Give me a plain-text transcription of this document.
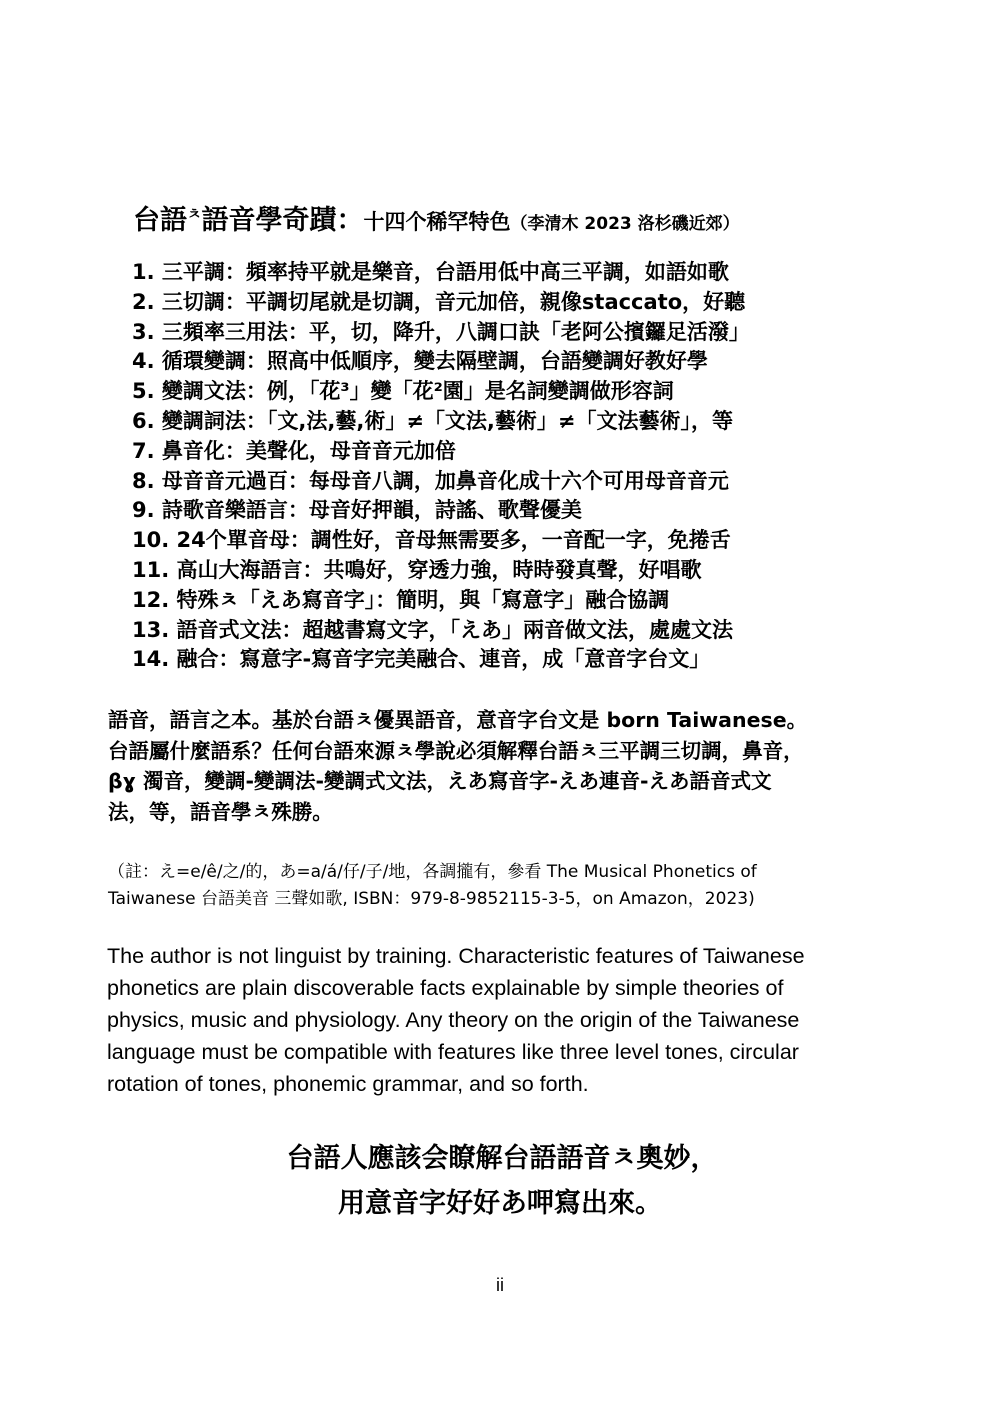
台語$^ㅊ$語音學奇蹟：十四个稀罕特色（李清木 2023 洛杉磯近郊）
1. 三平調：頻率持平就是樂音，台語用低中高三平調，如語如歌
2. 三切調：平調切尾就是切調，音元加倍，親像staccato，好聽
3. 三頻率三用法：平，切，降升，八調口訣「老阿公擯鑼足活潑」
4. 循環變調：照高中低順序，變去隔壁調，台語變調好教好學
5. 變調文法：例，「花³」變「花²園」是名詞變調做形容詞
6. 變調詞法：「文,法,藝,術」≠「文法,藝術」≠「文法藝術」，等
7. 鼻音化：美聲化，母音音元加倍
8. 母音音元過百：每母音八調，加鼻音化成十六个可用母音音元
9. 詩歌音樂語言：母音好押韻，詩謠、歌聲優美
10. 24个單音母：調性好，音母無需要多，一音配一字，免捲舌
11. 高山大海語言：共鳴好，穿透力強，時時發真聲，好唱歌
12. 特殊ㅊ「えあ寫音字」：簡明，與「寫意字」融合協調
13. 語音式文法：超越書寫文字，「えあ」兩音做文法，處處文法
14. 融合：寫意字-寫音字完美融合、連音，成「意音字台文」
語音，語言之本。基於台語ㅊ優異語音，意音字台文是 born Taiwanese。
台語屬什麼語系？任何台語來源ㅊ學說必須解釋台語ㅊ三平調三切調，鼻音，
βɣ 濁音，變調-變調法-變調式文法，えあ寫音字-えあ連音-えあ語音式文
法，等，語音學ㅊ殊勝。
（註：え=e/ê/之/的，あ=a/á/仔/子/地，各調攏有，參看 The Musical Phonetics of
Taiwanese 台語美音 三聲如歌, ISBN：979-8-9852115-3-5，on Amazon，2023)
The author is not linguist by training. Characteristic features of Taiwanese
phonetics are plain discoverable facts explainable by simple theories of
physics, music and physiology. Any theory on the origin of the Taiwanese
language must be compatible with features like three level tones, circular
rotation of tones, phonemic grammar, and so forth.
台語人應該会瞭解台語語音ㅊ奧妙，
用意音字好好あ呷寫出來。
ii
